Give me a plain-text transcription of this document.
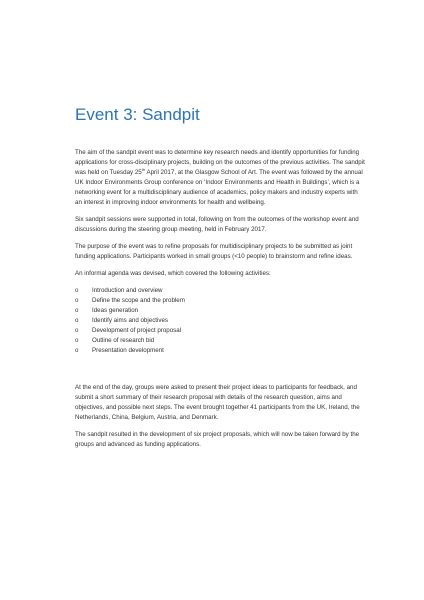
Event 3: Sandpit

The aim of the sandpit event was to determine key research needs and identify opportunities for funding applications for cross-disciplinary projects, building on the outcomes of the previous activities. The sandpit was held on Tuesday 25th April 2017, at the Glasgow School of Art. The event was followed by the annual UK Indoor Environments Group conference on ‘Indoor Environments and Health in Buildings’, which is a networking event for a multidisciplinary audience of academics, policy makers and industry experts with an interest in improving indoor environments for health and wellbeing.

Six sandpit sessions were supported in total, following on from the outcomes of the workshop event and discussions during the steering group meeting, held in February 2017.

The purpose of the event was to refine proposals for multidisciplinary projects to be submitted as joint funding applications. Participants worked in small groups (<10 people) to brainstorm and refine ideas.

An informal agenda was devised, which covered the following activities:

o	Introduction and overview
o	Define the scope and the problem
o	Ideas generation
o	Identify aims and objectives
o	Development of project proposal
o	Outline of research bid
o	Presentation development

At the end of the day, groups were asked to present their project ideas to participants for feedback, and submit a short summary of their research proposal with details of the research question, aims and objectives, and possible next steps. The event brought together 41 participants from the UK, Ireland, the Netherlands, China, Belgium, Austria, and Denmark.

The sandpit resulted in the development of six project proposals, which will now be taken forward by the groups and advanced as funding applications.
